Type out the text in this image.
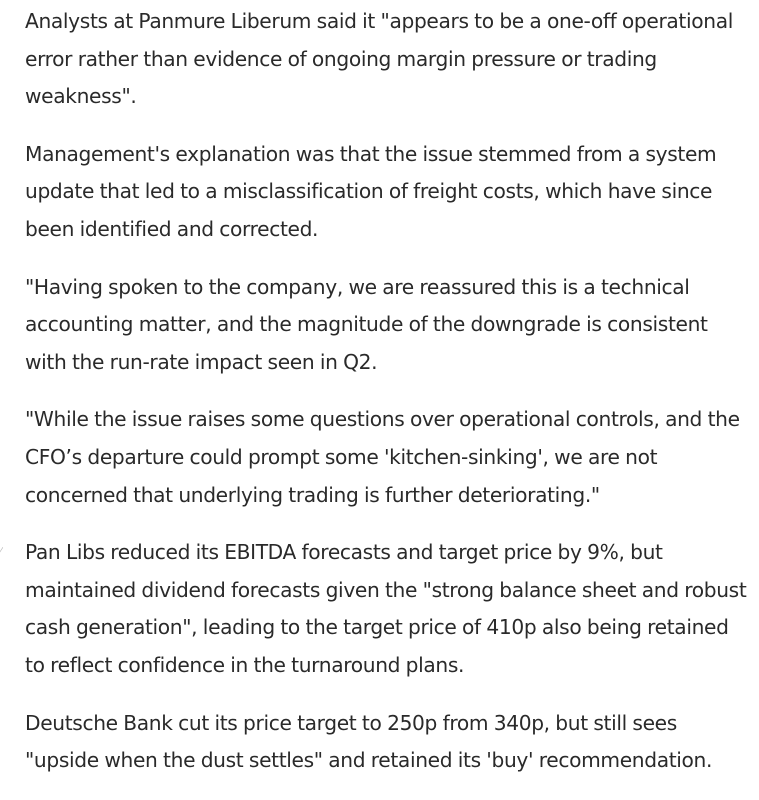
Analysts at Panmure Liberum said it "appears to be a one-off operational error rather than evidence of ongoing margin pressure or trading weakness".

Management's explanation was that the issue stemmed from a system update that led to a misclassification of freight costs, which have since been identified and corrected.

"Having spoken to the company, we are reassured this is a technical accounting matter, and the magnitude of the downgrade is consistent with the run-rate impact seen in Q2.

"While the issue raises some questions over operational controls, and the CFO’s departure could prompt some 'kitchen-sinking', we are not concerned that underlying trading is further deteriorating."

Pan Libs reduced its EBITDA forecasts and target price by 9%, but maintained dividend forecasts given the "strong balance sheet and robust cash generation", leading to the target price of 410p also being retained to reflect confidence in the turnaround plans.

Deutsche Bank cut its price target to 250p from 340p, but still sees "upside when the dust settles" and retained its 'buy' recommendation.

⁄
